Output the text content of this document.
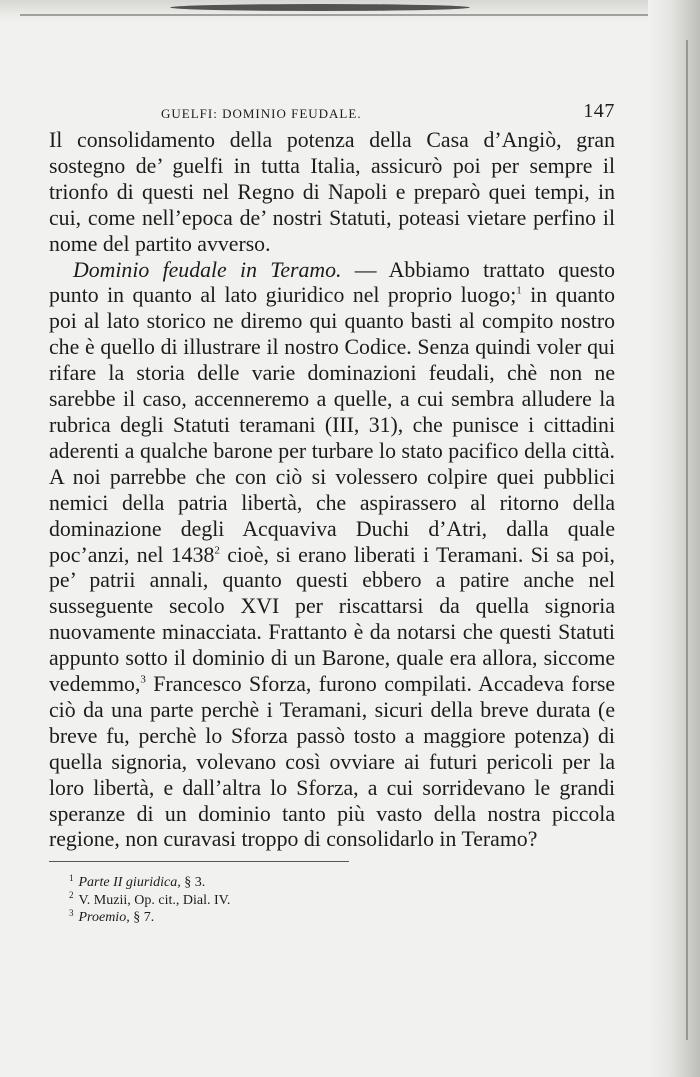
GUELFI: DOMINIO FEUDALE.	147

Il consolidamento della potenza della Casa d’Angiò, gran sostegno de’ guelfi in tutta Italia, assicurò poi per sempre il trionfo di questi nel Regno di Napoli e preparò quei tempi, in cui, come nell’epoca de’ nostri Statuti, poteasi vietare perfino il nome del partito avverso.

Dominio feudale in Teramo. — Abbiamo trattato questo punto in quanto al lato giuridico nel proprio luogo;$^1$ in quanto poi al lato storico ne diremo qui quanto basti al compito nostro che è quello di illustrare il nostro Codice. Senza quindi voler qui rifare la storia delle varie dominazioni feudali, chè non ne sarebbe il caso, accenneremo a quelle, a cui sembra alludere la rubrica degli Statuti teramani (III, 31), che punisce i cittadini aderenti a qualche barone per turbare lo stato pacifico della città. A noi parrebbe che con ciò si volessero colpire quei pubblici nemici della patria libertà, che aspirassero al ritorno della dominazione degli Acquaviva Duchi d’Atri, dalla quale poc’anzi, nel 1438$^2$ cioè, si erano liberati i Teramani. Si sa poi, pe’ patrii annali, quanto questi ebbero a patire anche nel susseguente secolo XVI per riscattarsi da quella signoria nuovamente minacciata. Frattanto è da notarsi che questi Statuti appunto sotto il dominio di un Barone, quale era allora, siccome vedemmo,$^3$ Francesco Sforza, furono compilati. Accadeva forse ciò da una parte perchè i Teramani, sicuri della breve durata (e breve fu, perchè lo Sforza passò tosto a maggiore potenza) di quella signoria, volevano così ovviare ai futuri pericoli per la loro libertà, e dall’altra lo Sforza, a cui sorridevano le grandi speranze di un dominio tanto più vasto della nostra piccola regione, non curavasi troppo di consolidarlo in Teramo?

$^1$ Parte II giuridica, § 3.
$^2$ V. Muzii, Op. cit., Dial. IV.
$^3$ Proemio, § 7.
